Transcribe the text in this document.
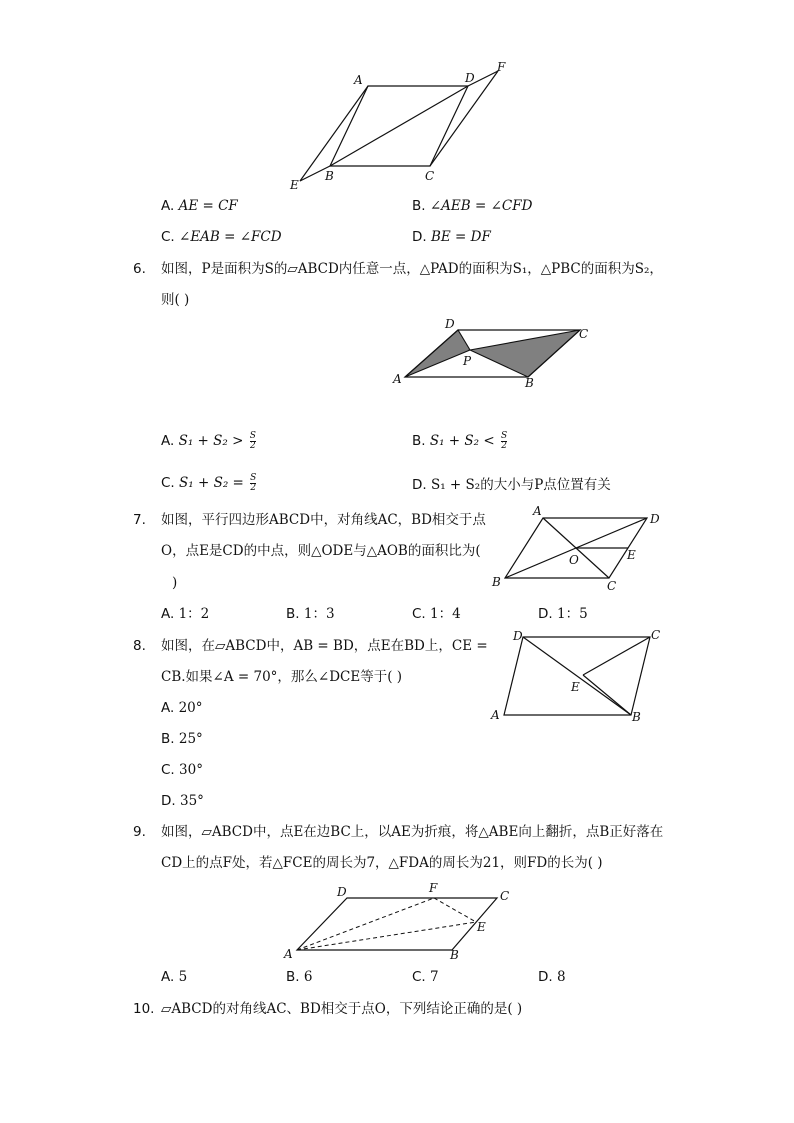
A	D
F
E
B	C
A. AE = CF	B. ∠AEB = ∠CFD
C. ∠EAB = ∠FCD	D. BE = DF
6. 如图，P是面积为S的▱ABCD内任意一点，△PAD的面积为S₁，△PBC的面积为S₂，
则( )
D
C
P
A	B
A. $S_1 + S_2 > \frac{S}{2}$	B. $S_1 + S_2 < \frac{S}{2}$
C. $S_1 + S_2 = \frac{S}{2}$	D. S₁ + S₂的大小与P点位置有关
7. 如图，平行四边形ABCD中，对角线AC，BD相交于点
O，点E是CD的中点，则△ODE与△AOB的面积比为(
)
A
D
O	E
B	C
A. 1：2	B. 1：3	C. 1：4	D. 1：5
8. 如图，在▱ABCD中，AB = BD，点E在BD上，CE =
CB.如果∠A = 70°，那么∠DCE等于( )
D	C
E
A	B
A. 20°
B. 25°
C. 30°
D. 35°
9. 如图，▱ABCD中，点E在边BC上，以AE为折痕，将△ABE向上翻折，点B正好落在
CD上的点F处，若△FCE的周长为7，△FDA的周长为21，则FD的长为( )
D	F
C
E
A	B
A. 5	B. 6	C. 7	D. 8
10. ▱ABCD的对角线AC、BD相交于点O，下列结论正确的是( )
